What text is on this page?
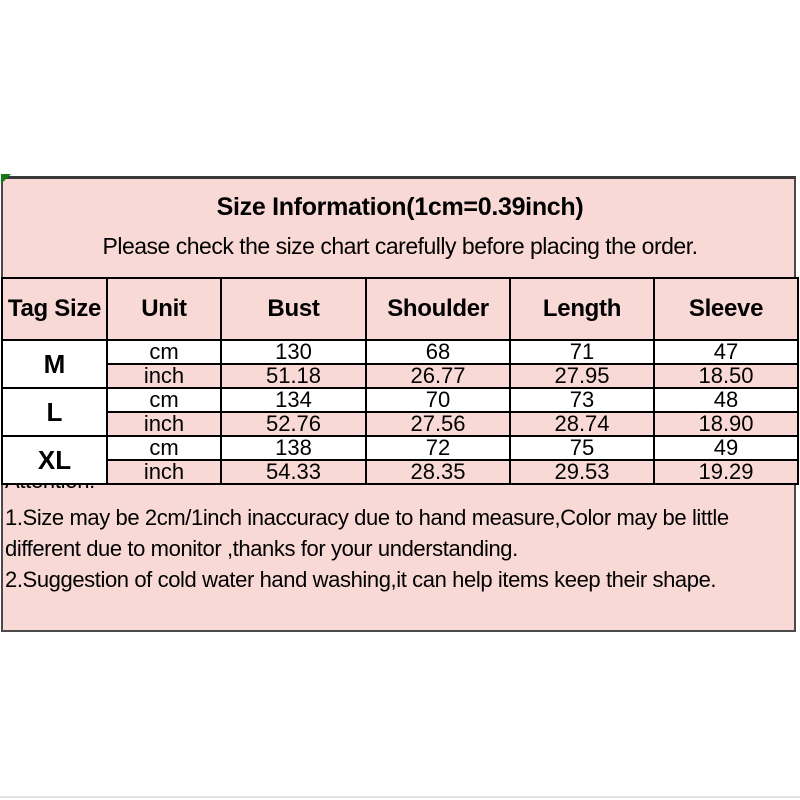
Size Information(1cm=0.39inch)
Please check the size chart carefully before placing the order.
Tag Size	Unit	Bust	Shoulder	Length	Sleeve
M	cm	130	68	71	47
	inch	51.18	26.77	27.95	18.50
L	cm	134	70	73	48
	inch	52.76	27.56	28.74	18.90
XL	cm	138	72	75	49
	inch	54.33	28.35	29.53	19.29

1.Size may be 2cm/1inch inaccuracy due to hand measure,Color may be little different due to monitor ,thanks for your understanding.

2.Suggestion of cold water hand washing,it can help items keep their shape.
